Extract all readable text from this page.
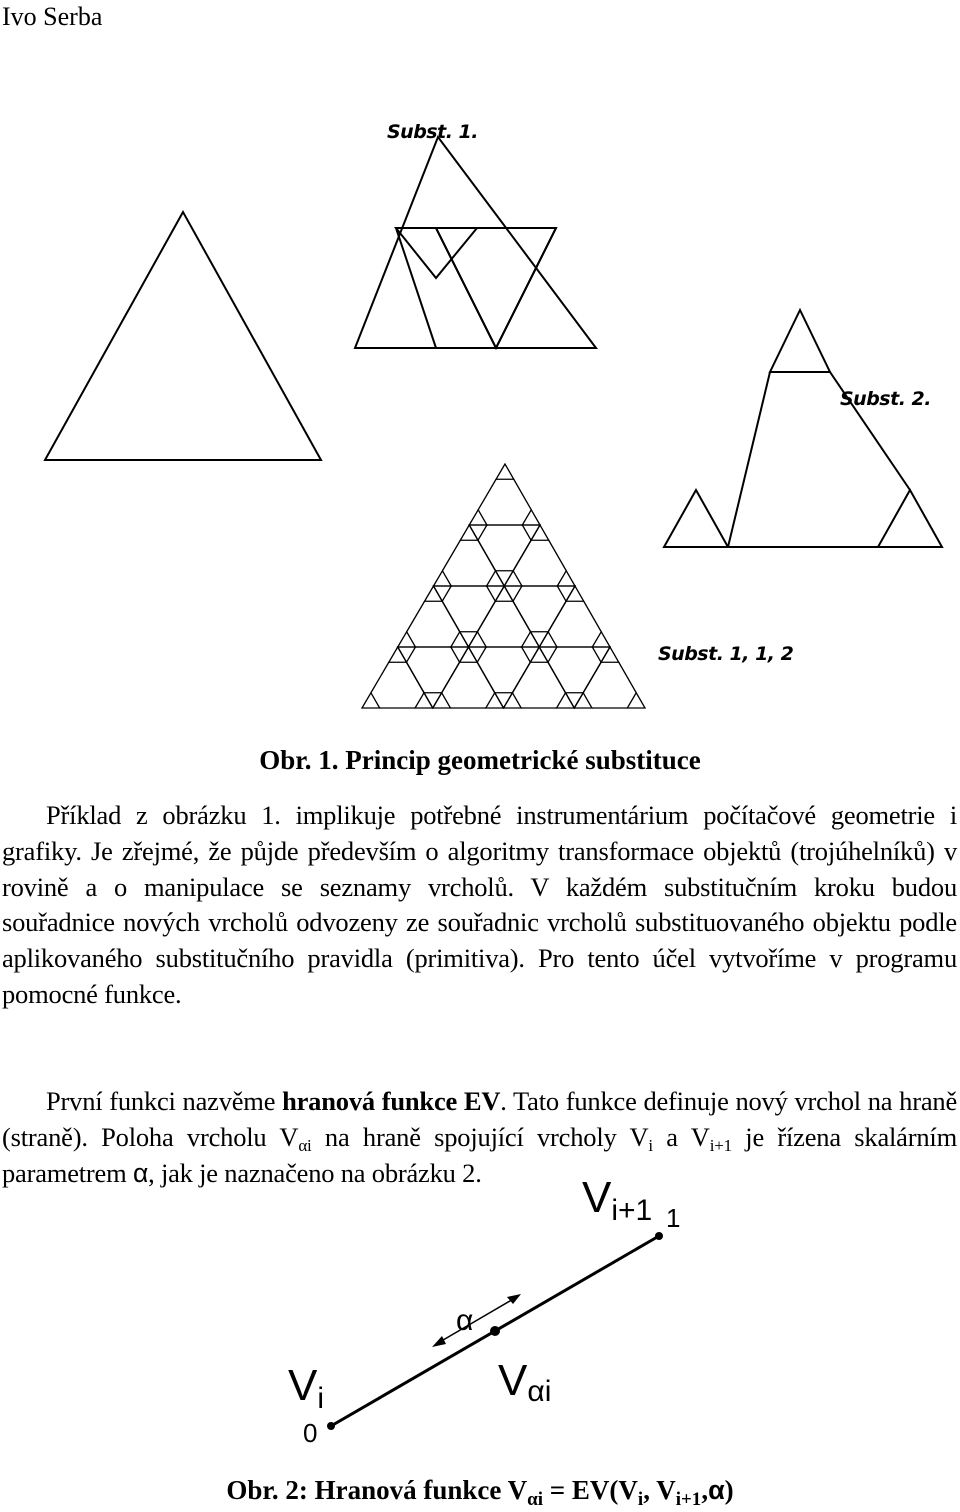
Ivo Serba
Subst. 1.
Subst. 2.
Subst. 1, 1, 2
Obr. 1. Princip geometrické substituce
Příklad z obrázku 1. implikuje potřebné instrumentárium počítačové geometrie i grafiky. Je zřejmé, že půjde především o algoritmy transformace objektů (trojúhelníků) v rovině a o manipulace se seznamy vrcholů. V každém substitučním kroku budou souřadnice nových vrcholů odvozeny ze souřadnic vrcholů substituovaného objektu podle aplikovaného substitučního pravidla (primitiva). Pro tento účel vytvoříme v programu pomocné funkce.
První funkci nazvěme hranová funkce EV. Tato funkce definuje nový vrchol na hraně (straně). Poloha vrcholu $V_{\alpha i}$ na hraně spojující vrcholy $V_i$ a $V_{i+1}$ je řízena skalárním parametrem α, jak je naznačeno na obrázku 2.
Vi+1 1
α
Vi	Vαi
0
Obr. 2: Hranová funkce $V_{\alpha i} = EV(V_i$, $V_{i+1},\alpha$)
